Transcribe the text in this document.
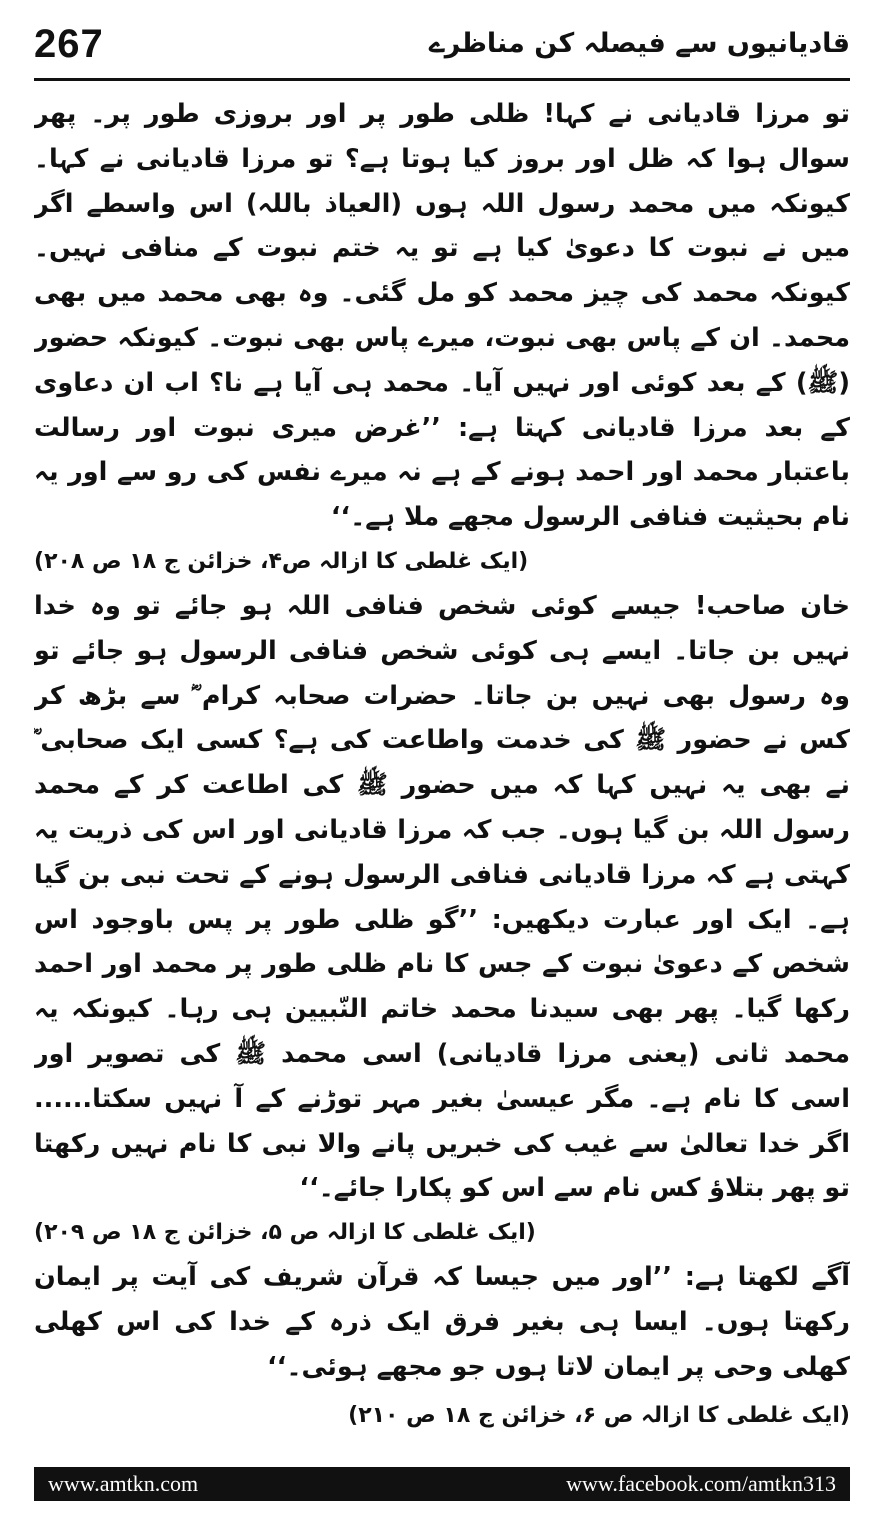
267	قادیانیوں سے فیصلہ کن مناظرے

تو مرزا قادیانی نے کہا! ظلی طور پر اور بروزی طور پر۔ پھر سوال ہوا کہ ظل اور بروز کیا ہوتا ہے؟ تو مرزا قادیانی نے کہا۔ کیونکہ میں محمد رسول اللہ ہوں (العیاذ باللہ) اس واسطے اگر میں نے نبوت کا دعویٰ کیا ہے تو یہ ختم نبوت کے منافی نہیں۔ کیونکہ محمد کی چیز محمد کو مل گئی۔ وہ بھی محمد میں بھی محمد۔ ان کے پاس بھی نبوت، میرے پاس بھی نبوت۔ کیونکہ حضور (ﷺ) کے بعد کوئی اور نہیں آیا۔ محمد ہی آیا ہے نا؟ اب ان دعاوی کے بعد مرزا قادیانی کہتا ہے: ’’غرض میری نبوت اور رسالت باعتبار محمد اور احمد ہونے کے ہے نہ میرے نفس کی رو سے اور یہ نام بحیثیت فنافی الرسول مجھے ملا ہے۔‘‘

(ایک غلطی کا ازالہ ص۴، خزائن ج ۱۸ ص ۲۰۸)

خان صاحب! جیسے کوئی شخص فنافی اللہ ہو جائے تو وہ خدا نہیں بن جاتا۔ ایسے ہی کوئی شخص فنافی الرسول ہو جائے تو وہ رسول بھی نہیں بن جاتا۔ حضرات صحابہ کرام ؓ سے بڑھ کر کس نے حضور ﷺ کی خدمت واطاعت کی ہے؟ کسی ایک صحابی ؓ نے بھی یہ نہیں کہا کہ میں حضور ﷺ کی اطاعت کر کے محمد رسول اللہ بن گیا ہوں۔ جب کہ مرزا قادیانی اور اس کی ذریت یہ کہتی ہے کہ مرزا قادیانی فنافی الرسول ہونے کے تحت نبی بن گیا ہے۔ ایک اور عبارت دیکھیں: ’’گو ظلی طور پر پس باوجود اس شخص کے دعویٰ نبوت کے جس کا نام ظلی طور پر محمد اور احمد رکھا گیا۔ پھر بھی سیدنا محمد خاتم النّبیین ہی رہا۔ کیونکہ یہ محمد ثانی (یعنی مرزا قادیانی) اسی محمد ﷺ کی تصویر اور اسی کا نام ہے۔ مگر عیسیٰ بغیر مہر توڑنے کے آ نہیں سکتا...... اگر خدا تعالیٰ سے غیب کی خبریں پانے والا نبی کا نام نہیں رکھتا تو پھر بتلاؤ کس نام سے اس کو پکارا جائے۔‘‘

(ایک غلطی کا ازالہ ص ۵، خزائن ج ۱۸ ص ۲۰۹)

آگے لکھتا ہے: ’’اور میں جیسا کہ قرآن شریف کی آیت پر ایمان رکھتا ہوں۔ ایسا ہی بغیر فرق ایک ذرہ کے خدا کی اس کھلی کھلی وحی پر ایمان لاتا ہوں جو مجھے ہوئی۔‘‘

(ایک غلطی کا ازالہ ص ۶، خزائن ج ۱۸ ص ۲۱۰)

www.amtkn.com	www.facebook.com/amtkn313
